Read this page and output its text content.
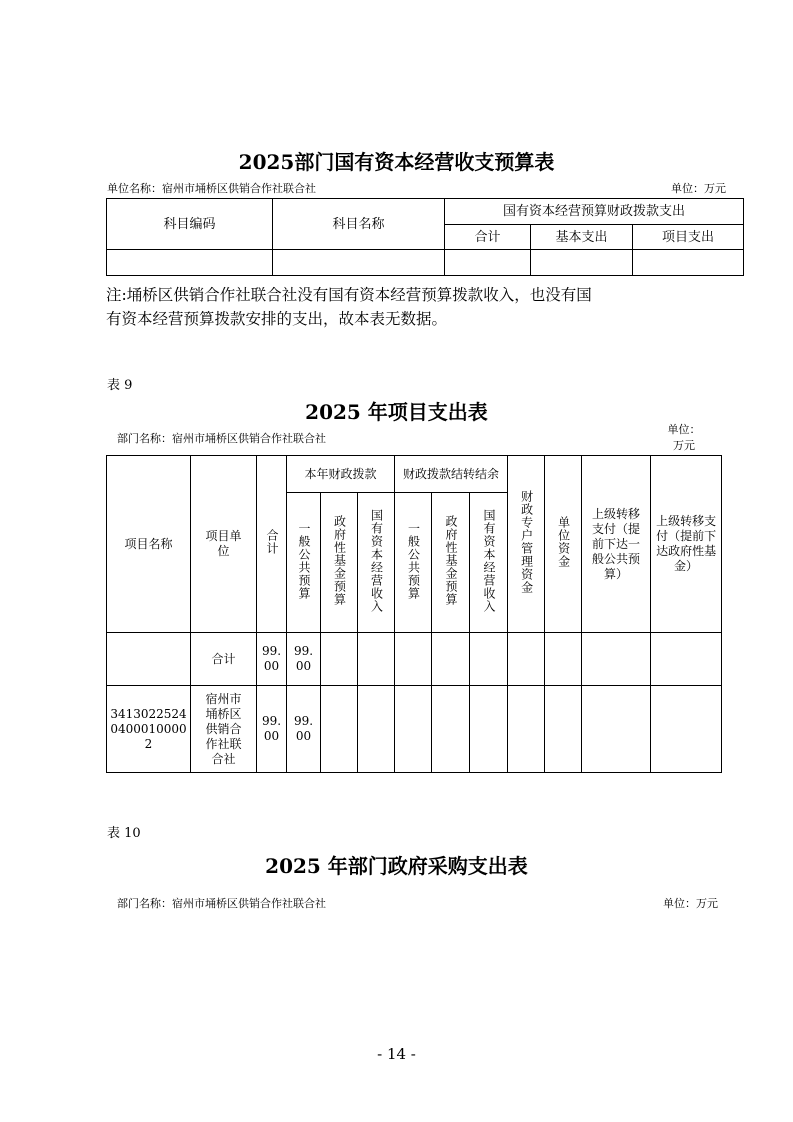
2025部门国有资本经营收支预算表
单位名称：宿州市埇桥区供销合作社联合社	单位：万元
科目编码	科目名称	国有资本经营预算财政拨款支出		
		合计	基本支出	项目支出

注:埇桥区供销合作社联合社没有国有资本经营预算拨款收入，也没有国
有资本经营预算拨款安排的支出，故本表无数据。
表 9
2025 年项目支出表
部门名称：宿州市埇桥区供销合作社联合社
单位：万元
项目名称	项目单位	合计	本年财政拨款			财政拨款结转结余			财政专户管理资金	单位资金	上级转移支付（提前下达一般公共预算）	上级转移支付（提前下达政府性基金）
			一般公共预算	政府性基金预算	国有资本经营收入	一般公共预算	政府性基金预算	国有资本经营收入				
	合计	99.00	99.00									
341302252404000100002	宿州市埇桥区供销合作社联合社	99.00	99.00									
表 10
2025 年部门政府采购支出表
部门名称：宿州市埇桥区供销合作社联合社	单位：万元
- 14 -
